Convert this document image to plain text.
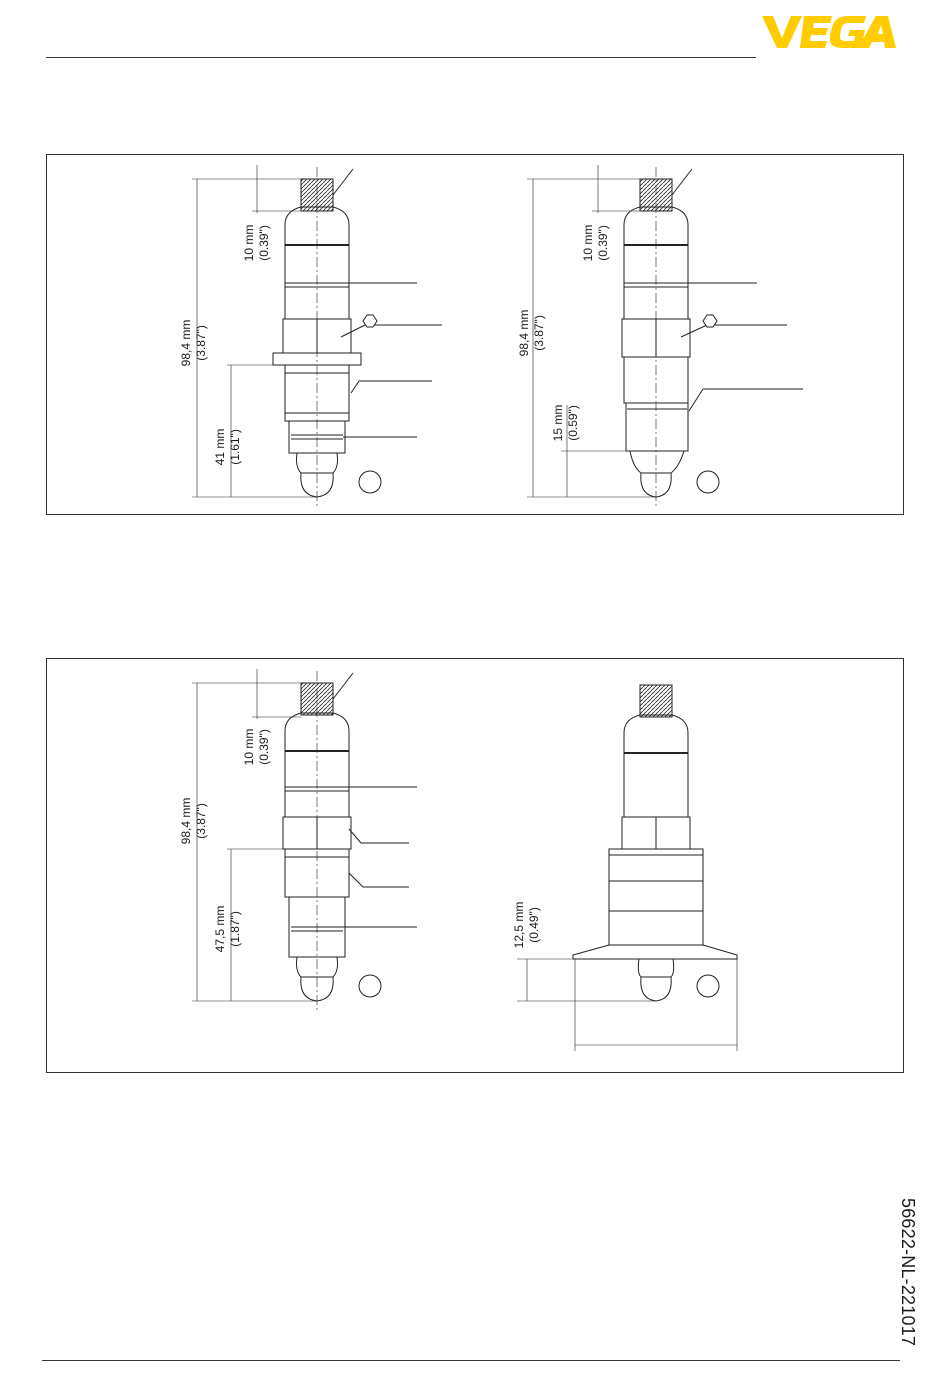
98,4 mm (3.87")
10 mm (0.39")
41 mm (1.61")
98,4 mm (3.87")
10 mm (0.39")
15 mm (0.59")
98,4 mm (3.87")
10 mm (0.39")
47,5 mm (1.87")	12,5 mm (0.49")
56622-NL-221017
